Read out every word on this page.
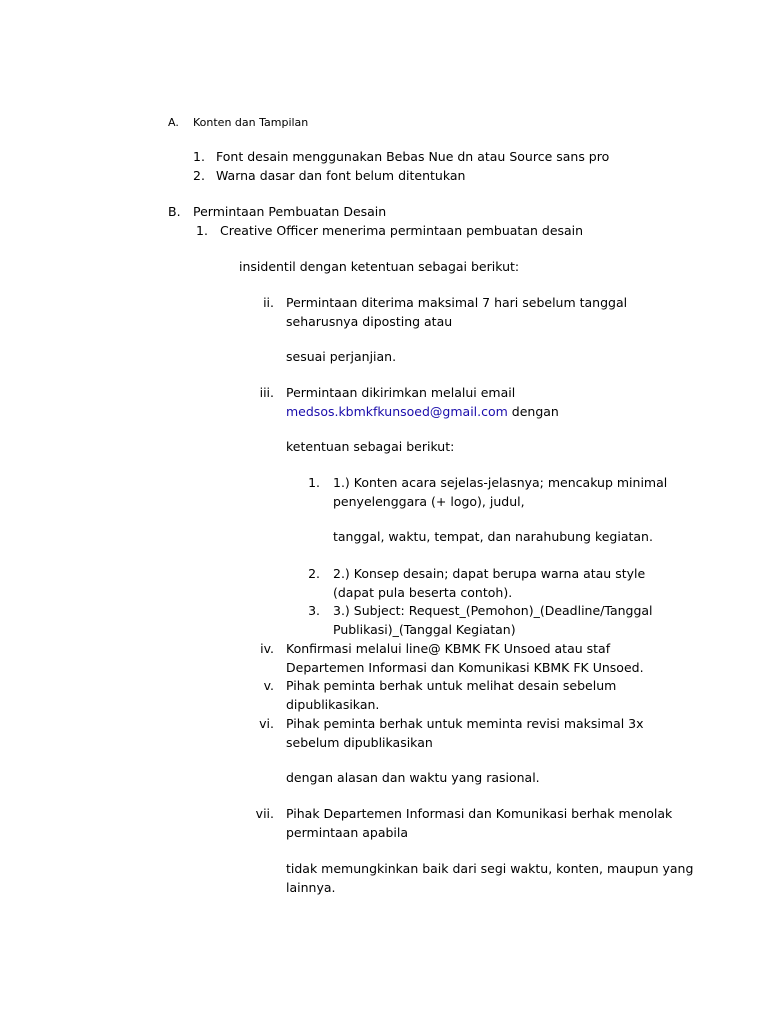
A. Konten dan Tampilan
1. Font desain menggunakan Bebas Nue dn atau Source sans pro
2. Warna dasar dan font belum ditentukan
B. Permintaan Pembuatan Desain
1. Creative Officer menerima permintaan pembuatan desain
insidentil dengan ketentuan sebagai berikut:
ii. Permintaan diterima maksimal 7 hari sebelum tanggal
seharusnya diposting atau
sesuai perjanjian.
iii. Permintaan dikirimkan melalui email
medsos.kbmkfkunsoed@gmail.com dengan
ketentuan sebagai berikut:
1. 1.) Konten acara sejelas-jelasnya; mencakup minimal
penyelenggara (+ logo), judul,
tanggal, waktu, tempat, dan narahubung kegiatan.
2. 2.) Konsep desain; dapat berupa warna atau style
(dapat pula beserta contoh).
3. 3.) Subject: Request_(Pemohon)_(Deadline/Tanggal
Publikasi)_(Tanggal Kegiatan)
iv. Konfirmasi melalui line@ KBMK FK Unsoed atau staf
Departemen Informasi dan Komunikasi KBMK FK Unsoed.
v. Pihak peminta berhak untuk melihat desain sebelum
dipublikasikan.
vi. Pihak peminta berhak untuk meminta revisi maksimal 3x
sebelum dipublikasikan
dengan alasan dan waktu yang rasional.
vii. Pihak Departemen Informasi dan Komunikasi berhak menolak
permintaan apabila
tidak memungkinkan baik dari segi waktu, konten, maupun yang
lainnya.
